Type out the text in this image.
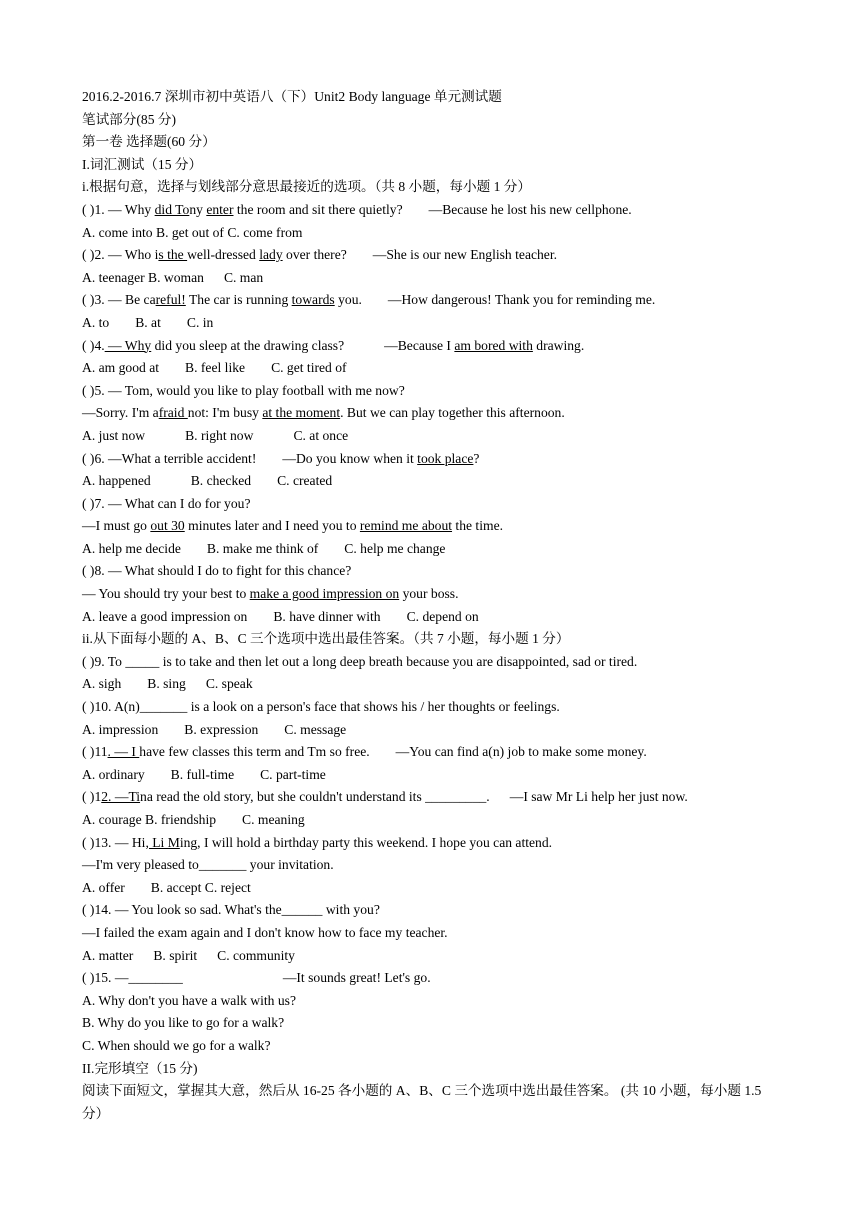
2016.2-2016.7 深圳市初中英语八（下）Unit2 Body language 单元测试题
笔试部分(85 分)
第一卷 选择题(60 分）
I.词汇测试（15 分）
i.根据句意，选择与划线部分意思最接近的选项。（共 8 小题，每小题 1 分）
( )1. — Why did Tony enter the room and sit there quietly? —Because he lost his new cellphone.
A. come into B. get out of C. come from
( )2. — Who is the well-dressed lady over there? —She is our new English teacher.
A. teenager B. woman C. man
( )3. — Be careful! The car is running towards you. —How dangerous! Thank you for reminding me.
A. to B. at C. in
( )4. — Why did you sleep at the drawing class?	—Because I am bored with drawing.
A. am good at B. feel like C. get tired of
( )5. — Tom, would you like to play football with me now?
—Sorry. I'm afraid not: I'm busy at the moment. But we can play together this afternoon.
A. just now	B. right now	C. at once
( )6. —What a terrible accident! —Do you know when it took place?
A. happened	B. checked C. created
( )7. — What can I do for you?
—I must go out 30 minutes later and I need you to remind me about the time.
A. help me decide B. make me think of C. help me change
( )8. — What should I do to fight for this chance?
— You should try your best to make a good impression on your boss.
A. leave a good impression on B. have dinner with C. depend on
ii.从下面每小题的 A、B、C 三个选项中选出最佳答案。（共 7 小题，每小题 1 分）
( )9. To _____ is to take and then let out a long deep breath because you are disappointed, sad or tired.
A. sigh B. sing C. speak
( )10. A(n)_______ is a look on a person's face that shows his / her thoughts or feelings.
A. impression B. expression C. message
( )11. — I have few classes this term and Tm so free. —You can find a(n) job to make some money.
A. ordinary B. full-time C. part-time
( )12. —Tina read the old story, but she couldn't understand its _________. —I saw Mr Li help her just now.
A. courage B. friendship C. meaning
( )13. — Hi, Li Ming, I will hold a birthday party this weekend. I hope you can attend.
—I'm very pleased to_______ your invitation.
A. offer B. accept C. reject
( )14. — You look so sad. What's the______ with you?
—I failed the exam again and I don't know how to face my teacher.
A. matter B. spirit C. community
( )15. —________	—It sounds great! Let's go.
A. Why don't you have a walk with us?
B. Why do you like to go for a walk?
C. When should we go for a walk?
II.完形填空（15 分)
阅读下面短文，掌握其大意，然后从 16-25 各小题的 A、B、C 三个选项中选出最佳答案。 (共 10 小题，每小题 1.5 分）
